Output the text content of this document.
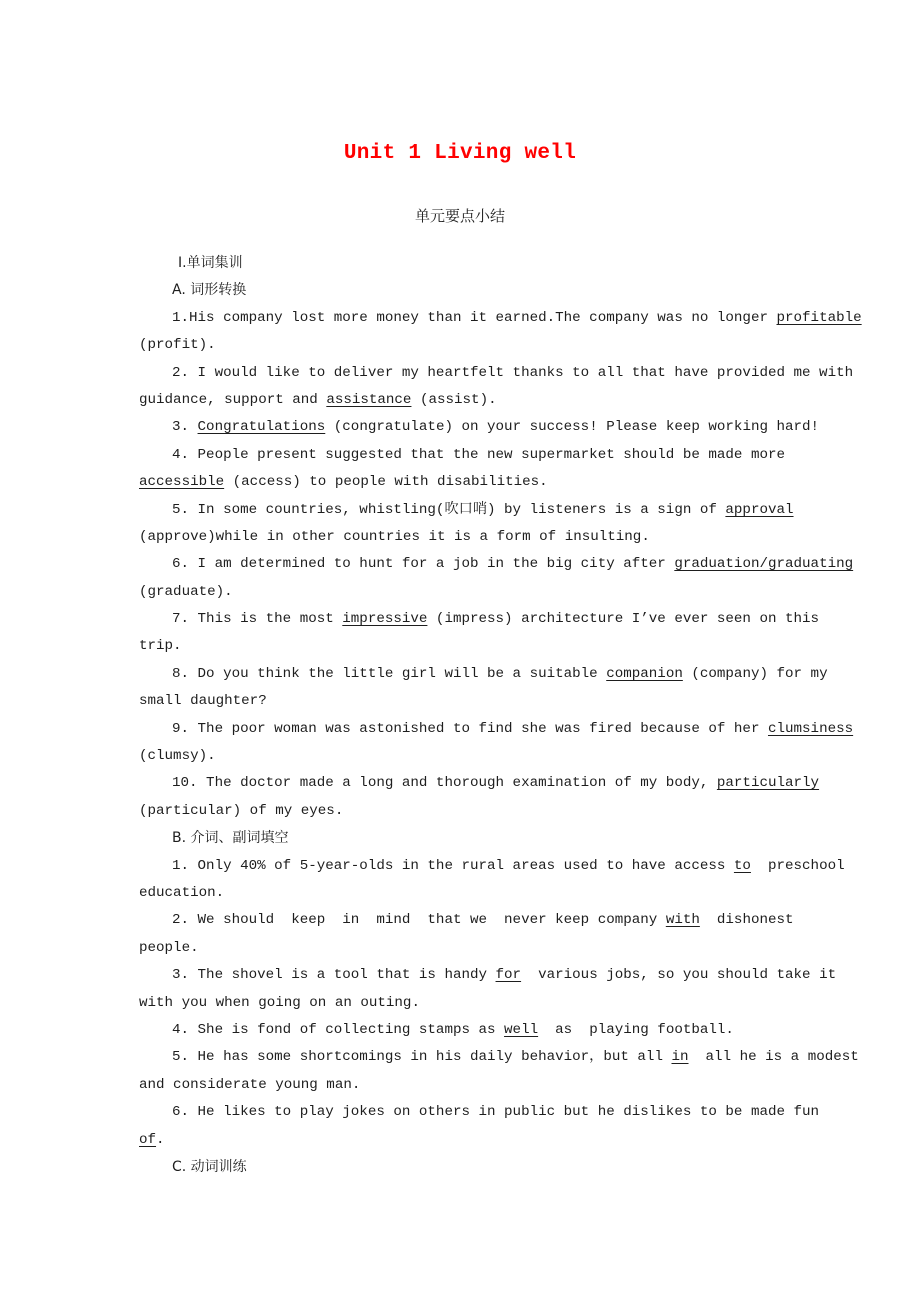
Unit 1 Living well
单元要点小结
Ⅰ.单词集训
A. 词形转换
1.His company lost more money than it earned.The company was no longer profitable
(profit).
2. I would like to deliver my heartfelt thanks to all that have provided me with
guidance, support and assistance (assist).
3. Congratulations (congratulate) on your success! Please keep working hard!
4. People present suggested that the new supermarket should be made more
accessible (access) to people with disabilities.
5. In some countries, whistling(吹口哨) by listeners is a sign of approval
(approve)while in other countries it is a form of insulting.
6. I am determined to hunt for a job in the big city after graduation/graduating
(graduate).
7. This is the most impressive (impress) architecture I’ve ever seen on this
trip.
8. Do you think the little girl will be a suitable companion (company) for my
small daughter?
9. The poor woman was astonished to find she was fired because of her clumsiness
(clumsy).
10. The doctor made a long and thorough examination of my body, particularly
(particular) of my eyes.
B. 介词、副词填空
1. Only 40% of 5-year-olds in the rural areas used to have access to  preschool
education.
2. We should  keep  in  mind  that we  never keep company with  dishonest
people.
3. The shovel is a tool that is handy for  various jobs, so you should take it
with you when going on an outing.
4. She is fond of collecting stamps as well  as  playing football.
5. He has some shortcomings in his daily behavior，but all in  all he is a modest
and considerate young man.
6. He likes to play jokes on others in public but he dislikes to be made fun
of.
C. 动词训练
